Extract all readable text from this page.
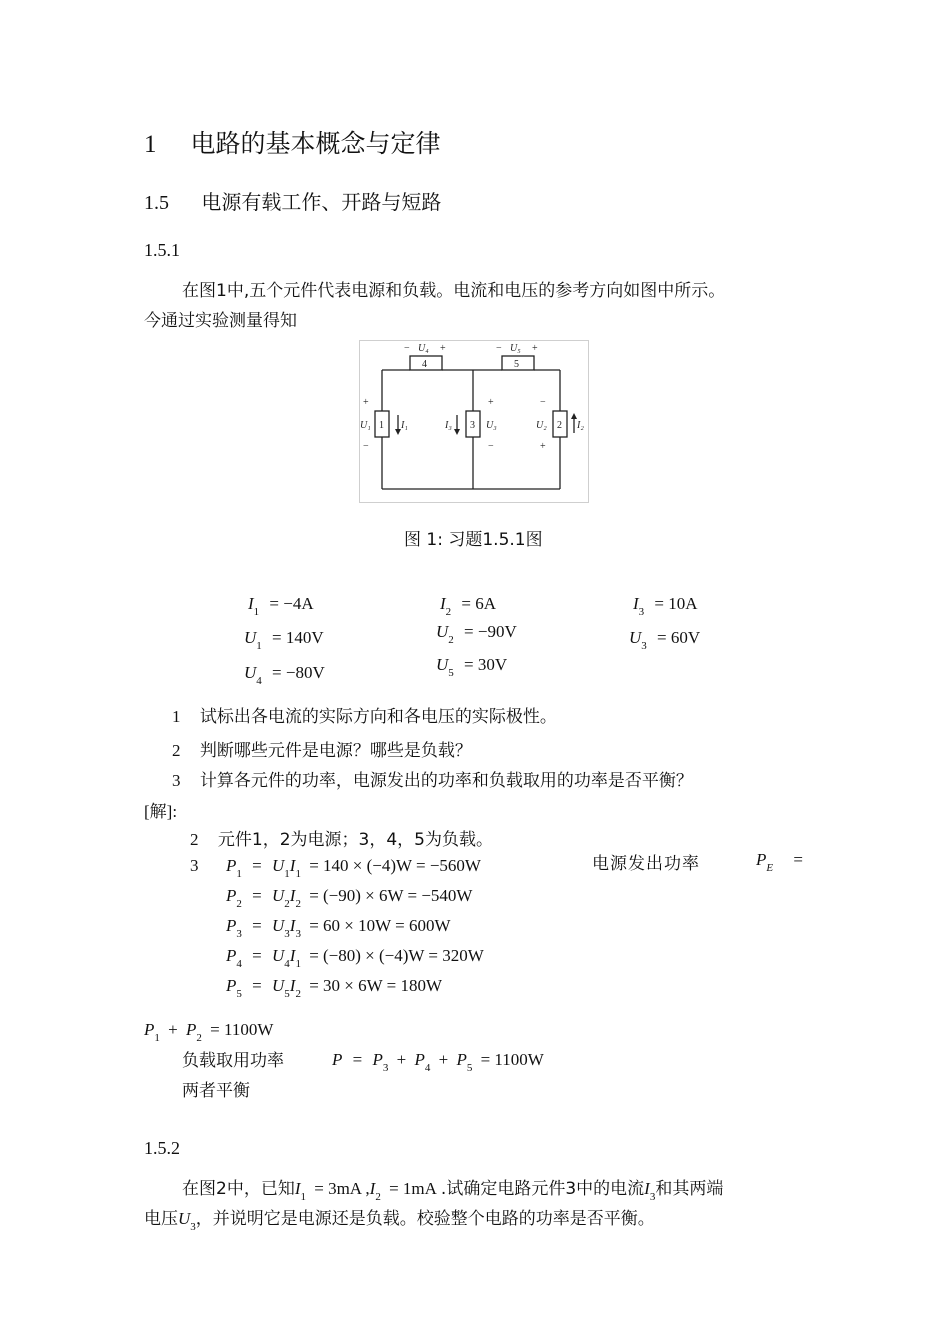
1 电路的基本概念与定律
1.5 电源有载工作、开路与短路
1.5.1
在图1中,五个元件代表电源和负载。电流和电压的参考方向如图中所示。
今通过实验测量得知
4	5
1	3	2
U₄	U₅
U₁	I₁	I₃	U₃	U₂	I₂
−	+	−	+
+
−
+
−
−
+
图 1: 习题1.5.1图
$I_1 = -4A$	$I_2 = 6A$	$I_3 = 10A$
$U_1 = 140V$	$U_2 = -90V$	$U_3 = 60V$
$U_4 = -80V$	$U_5 = 30V$
1 试标出各电流的实际方向和各电压的实际极性。
2 判断哪些元件是电源？哪些是负载？
3 计算各元件的功率，电源发出的功率和负载取用的功率是否平衡？
[解]:
2 元件1，2为电源；3，4，5为负载。
3 $P_1 = U_1I_1 = 140 \times (-4)W = -560W$
$P_2 = U_2I_2 = (-90) \times 6W = -540W$
$P_3 = U_3I_3 = 60 \times 10W = 600W$
$P_4 = U_4I_1 = (-80) \times (-4)W = 320W$
$P_5 = U_5I_2 = 30 \times 6W = 180W$
电源发出功率	$P_E$ =
$P_1 + P_2 = 1100W$
负载取用功率	$P = P_3 + P_4 + P_5 = 1100W$
两者平衡
1.5.2
在图2中，已知$I_1 = 3mA$ $,I_2 = 1mA$ .试确定电路元件3中的电流$I_3$和其两端
电压$U_3$，并说明它是电源还是负载。校验整个电路的功率是否平衡。
